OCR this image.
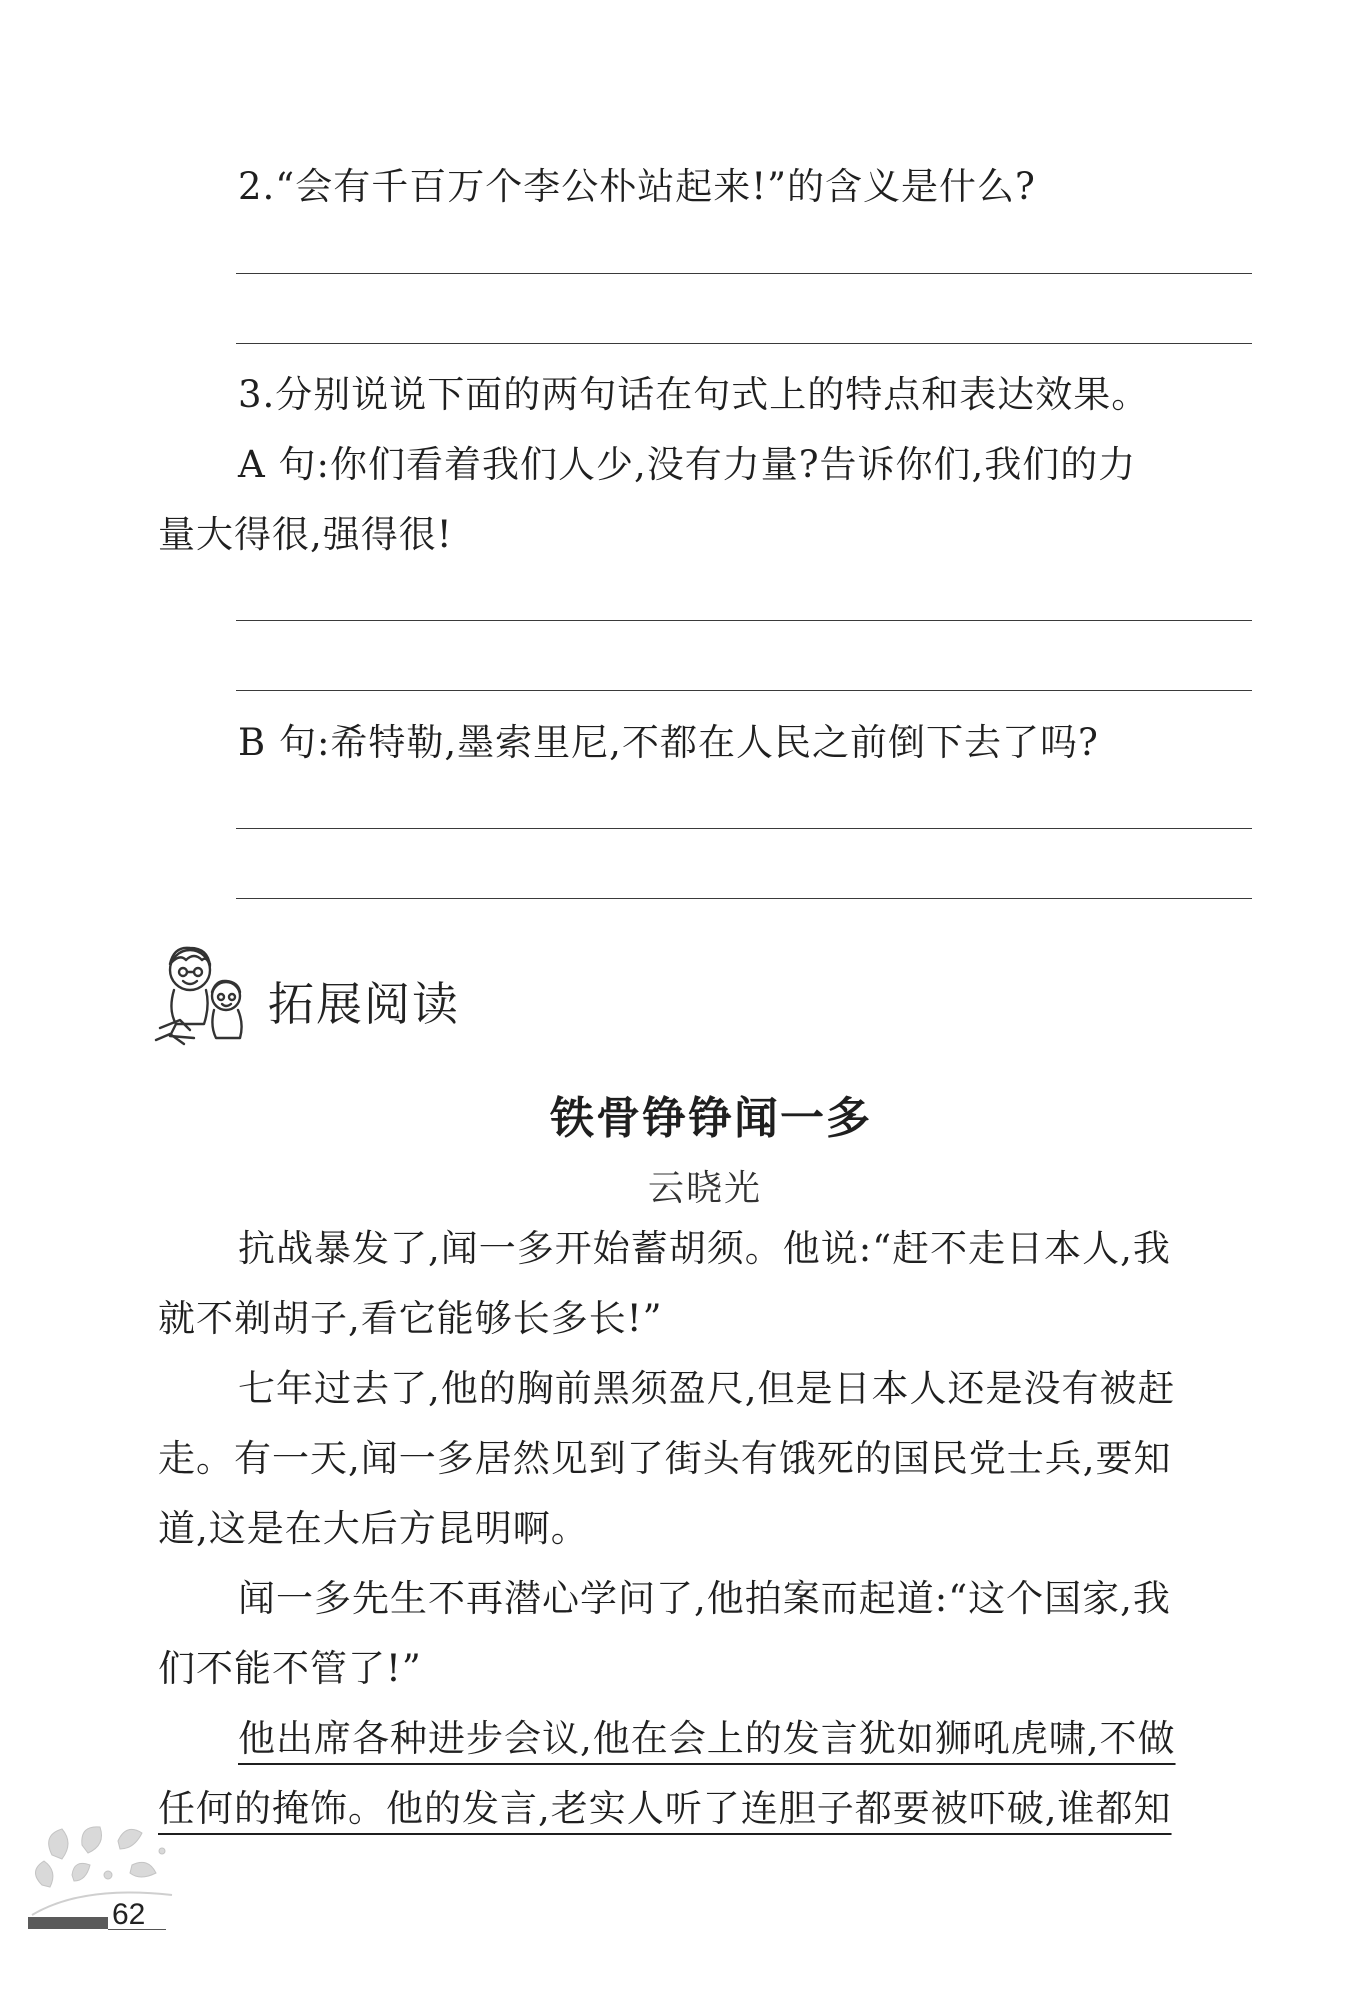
2.“会有千百万个李公朴站起来!”的含义是什么?
3.分别说说下面的两句话在句式上的特点和表达效果。
A 句:你们看着我们人少,没有力量?告诉你们,我们的力
量大得很,强得很!
B 句:希特勒,墨索里尼,不都在人民之前倒下去了吗?
拓展阅读
铁骨铮铮闻一多
云晓光
抗战暴发了,闻一多开始蓄胡须。他说:“赶不走日本人,我
就不剃胡子,看它能够长多长!”
七年过去了,他的胸前黑须盈尺,但是日本人还是没有被赶
走。有一天,闻一多居然见到了街头有饿死的国民党士兵,要知
道,这是在大后方昆明啊。
闻一多先生不再潜心学问了,他拍案而起道:“这个国家,我
们不能不管了!”
他出席各种进步会议,他在会上的发言犹如狮吼虎啸,不做
任何的掩饰。他的发言,老实人听了连胆子都要被吓破,谁都知
62
